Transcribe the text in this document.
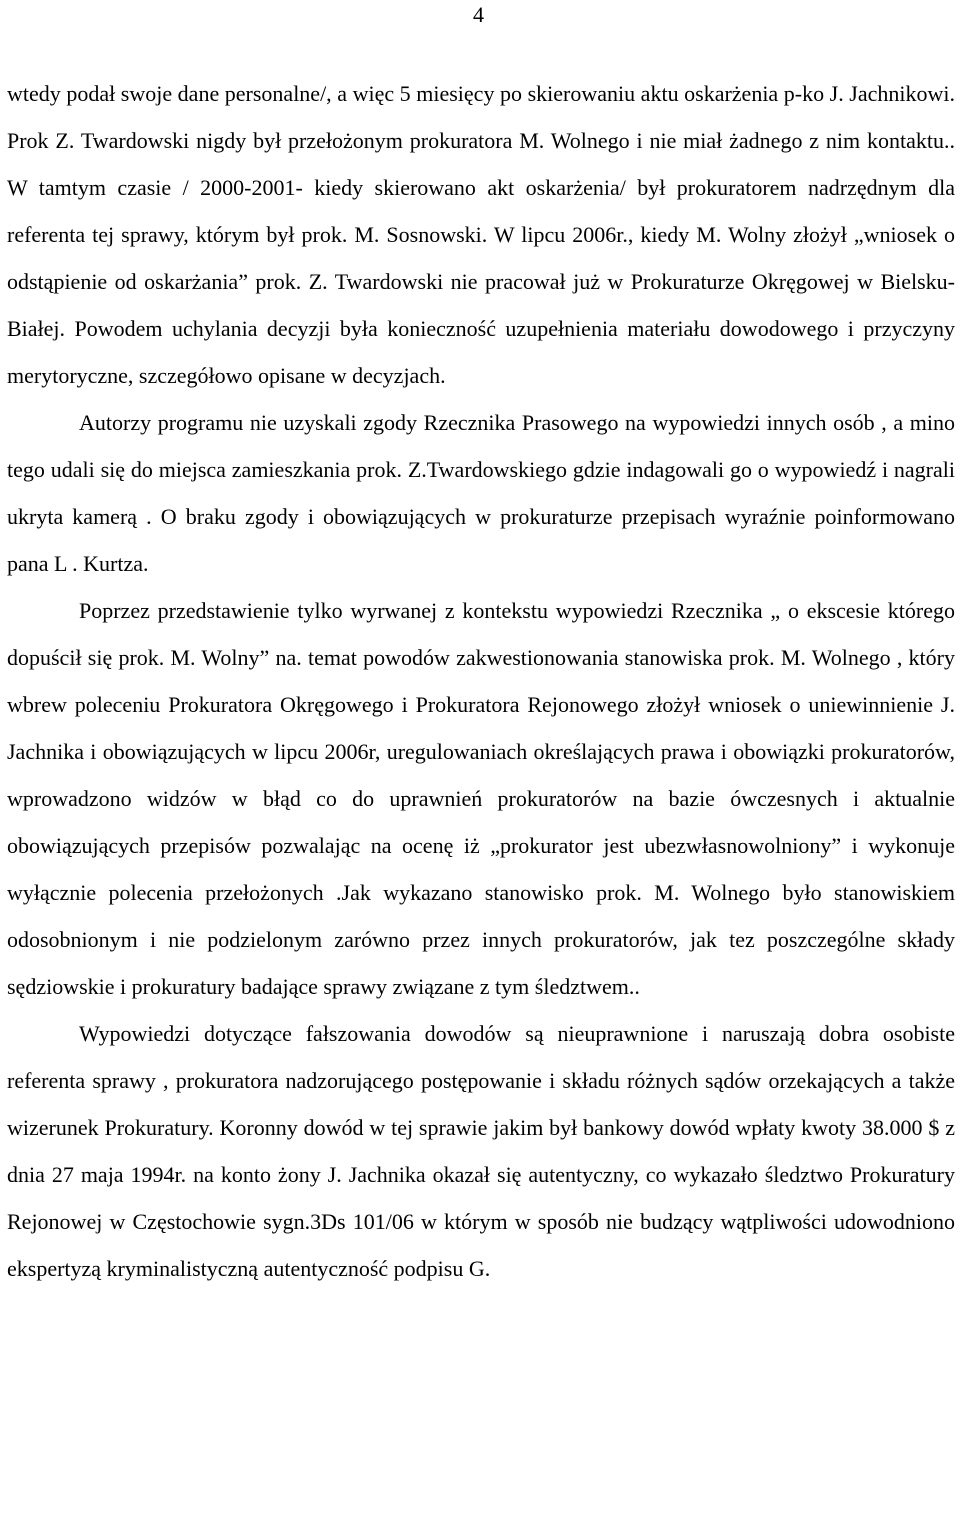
4

wtedy podał swoje dane personalne/, a więc 5 miesięcy po skierowaniu aktu oskarżenia p-ko J. Jachnikowi. Prok Z. Twardowski nigdy był przełożonym prokuratora M. Wolnego i nie miał żadnego z nim kontaktu.. W tamtym czasie / 2000-2001- kiedy skierowano akt oskarżenia/ był prokuratorem nadrzędnym dla referenta tej sprawy, którym był prok. M. Sosnowski. W lipcu 2006r., kiedy M. Wolny złożył „wniosek o odstąpienie od oskarżania” prok. Z. Twardowski nie pracował już w Prokuraturze Okręgowej w Bielsku- Białej. Powodem uchylania decyzji była konieczność uzupełnienia materiału dowodowego i przyczyny merytoryczne, szczegółowo opisane w decyzjach.

Autorzy programu nie uzyskali zgody Rzecznika Prasowego na wypowiedzi innych osób , a mino tego udali się do miejsca zamieszkania prok. Z.Twardowskiego gdzie indagowali go o wypowiedź i nagrali ukryta kamerą . O braku zgody i obowiązujących w prokuraturze przepisach wyraźnie poinformowano pana L . Kurtza.

Poprzez przedstawienie tylko wyrwanej z kontekstu wypowiedzi Rzecznika „ o ekscesie którego dopuścił się prok. M. Wolny” na. temat powodów zakwestionowania stanowiska prok. M. Wolnego , który wbrew poleceniu Prokuratora Okręgowego i Prokuratora Rejonowego złożył wniosek o uniewinnienie J. Jachnika i obowiązujących w lipcu 2006r, uregulowaniach określających prawa i obowiązki prokuratorów, wprowadzono widzów w błąd co do uprawnień prokuratorów na bazie ówczesnych i aktualnie obowiązujących przepisów pozwalając na ocenę iż „prokurator jest ubezwłasnowolniony” i wykonuje wyłącznie polecenia przełożonych .Jak wykazano stanowisko prok. M. Wolnego było stanowiskiem odosobnionym i nie podzielonym zarówno przez innych prokuratorów, jak tez poszczególne składy sędziowskie i prokuratury badające sprawy związane z tym śledztwem..

Wypowiedzi dotyczące fałszowania dowodów są nieuprawnione i naruszają dobra osobiste referenta sprawy , prokuratora nadzorującego postępowanie i składu różnych sądów orzekających a także wizerunek Prokuratury. Koronny dowód w tej sprawie jakim był bankowy dowód wpłaty kwoty 38.000 $ z dnia 27 maja 1994r. na konto żony J. Jachnika okazał się autentyczny, co wykazało śledztwo Prokuratury Rejonowej w Częstochowie sygn.3Ds 101/06 w którym w sposób nie budzący wątpliwości udowodniono ekspertyzą kryminalistyczną autentyczność podpisu G.
